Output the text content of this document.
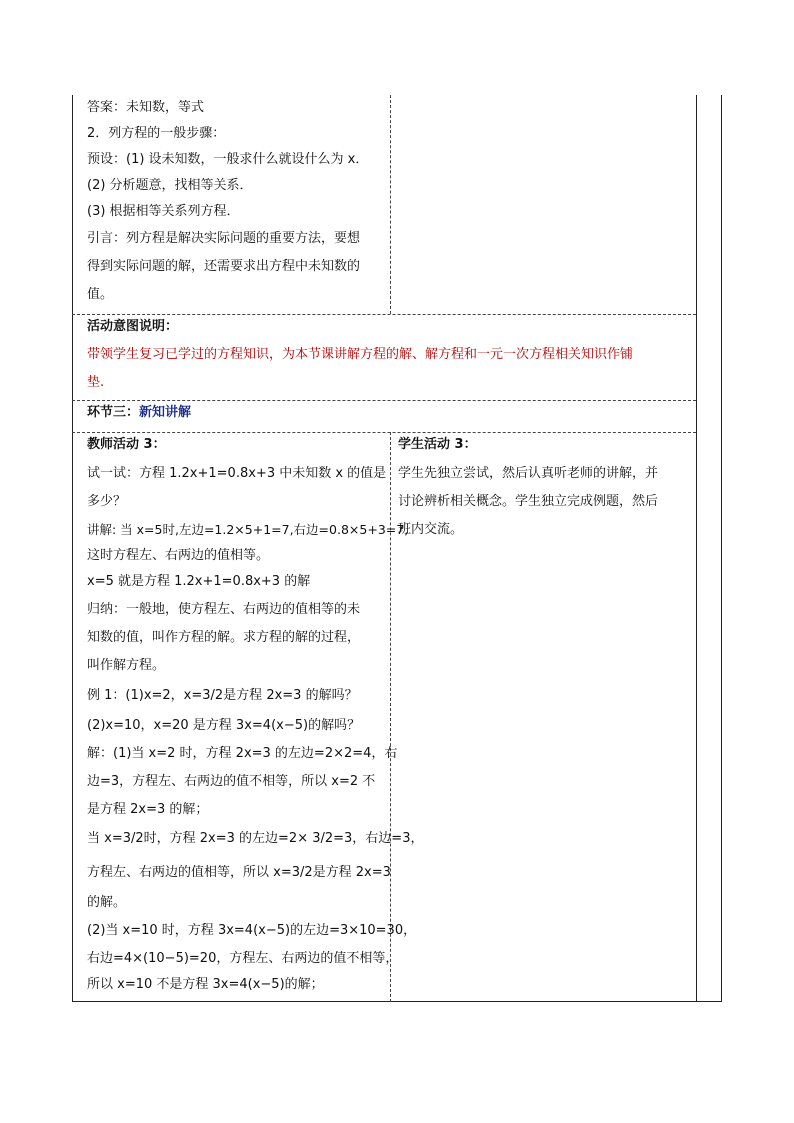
答案：未知数，等式
2．列方程的一般步骤：
预设：(1) 设未知数，一般求什么就设什么为 x．
(2) 分析题意，找相等关系．
(3) 根据相等关系列方程．
引言：列方程是解决实际问题的重要方法，要想
得到实际问题的解，还需要求出方程中未知数的
值。
活动意图说明：
带领学生复习已学过的方程知识，为本节课讲解方程的解、解方程和一元一次方程相关知识作铺
垫.
环节三：新知讲解
教师活动 3：
试一试：方程 1.2x+1=0.8x+3 中未知数 x 的值是
多少？
讲解: 当 x=5时,左边=1.2×5+1=7,右边=0.8×5+3=7,
这时方程左、右两边的值相等。
x=5 就是方程 1.2x+1=0.8x+3 的解
归纳：一般地，使方程左、右两边的值相等的未
知数的值，叫作方程的解。求方程的解的过程，
叫作解方程。
例 1：(1)x=2，x=3/2是方程 2x=3 的解吗？
(2)x=10，x=20 是方程 3x=4(x−5)的解吗？
解：(1)当 x=2 时，方程 2x=3 的左边=2×2=4，右
边=3，方程左、右两边的值不相等，所以 x=2 不
是方程 2x=3 的解；
当 x=3/2时，方程 2x=3 的左边=2× 3/2=3，右边=3，
方程左、右两边的值相等，所以 x=3/2是方程 2x=3
的解。
(2)当 x=10 时，方程 3x=4(x−5)的左边=3×10=30，
右边=4×(10−5)=20，方程左、右两边的值不相等，
所以 x=10 不是方程 3x=4(x−5)的解；
学生活动 3：
学生先独立尝试，然后认真听老师的讲解，并
讨论辨析相关概念。学生独立完成例题，然后
班内交流。
